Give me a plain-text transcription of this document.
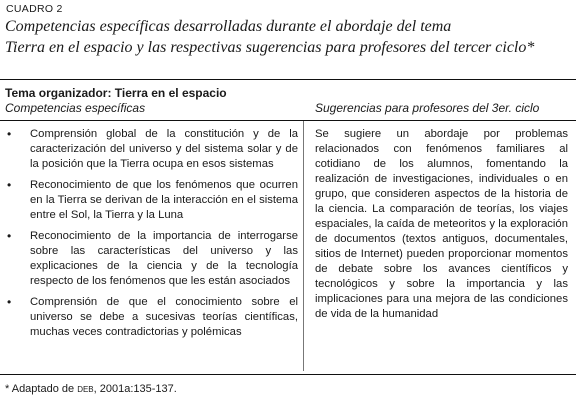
CUADRO 2
Competencias específicas desarrolladas durante el abordaje del tema
Tierra en el espacio y las respectivas sugerencias para profesores del tercer ciclo*
Tema organizador: Tierra en el espacio
Competencias específicas	Sugerencias para profesores del 3er. ciclo
• Comprensión global de la constitución y de la caracterización del universo y del sistema solar y de la posición que la Tierra ocupa en esos sistemas
• Reconocimiento de que los fenómenos que ocurren en la Tierra se derivan de la interacción en el sistema entre el Sol, la Tierra y la Luna
• Reconocimiento de la importancia de interrogarse sobre las características del universo y las explicaciones de la ciencia y de la tecnología respecto de los fenómenos que les están asociados
• Comprensión de que el conocimiento sobre el universo se debe a sucesivas teorías científicas, muchas veces contradictorias y polémicas
Se sugiere un abordaje por problemas relacionados con fenómenos familiares al cotidiano de los alumnos, fomentando la realización de investigaciones, individuales o en grupo, que consideren aspectos de la historia de la ciencia. La comparación de teorías, los viajes espaciales, la caída de meteoritos y la exploración de documentos (textos antiguos, documentales, sitios de Internet) pueden proporcionar momentos de debate sobre los avances científicos y tecnológicos y sobre la importancia y las implicaciones para una mejora de las condiciones de vida de la humanidad
* Adaptado de deb, 2001a:135-137.
